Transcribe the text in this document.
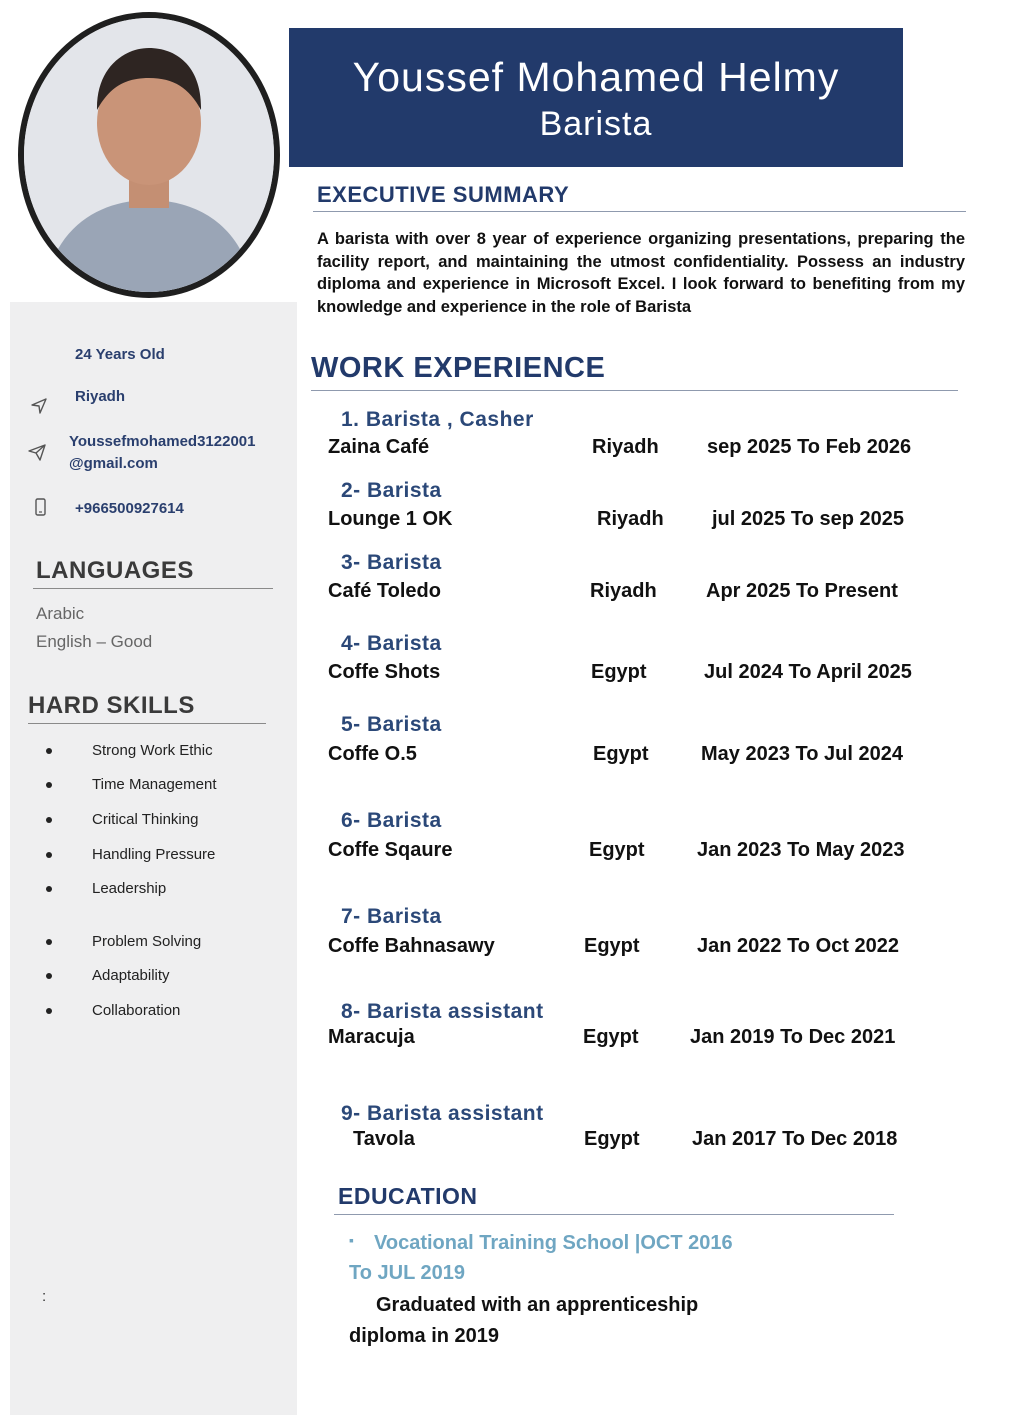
Youssef Mohamed Helmy
Barista
24 Years Old
Riyadh
Youssefmohamed3122001
@gmail.com
+966500927614
LANGUAGES
Arabic
English – Good
HARD SKILLS
Strong Work Ethic
Time Management
Critical Thinking
Handling Pressure
Leadership
Problem Solving
Adaptability
Collaboration
:
EXECUTIVE SUMMARY
A barista with over 8 year of experience organizing presentations, preparing the facility report, and maintaining the utmost confidentiality. Possess an industry diploma and experience in Microsoft Excel. I look forward to benefiting from my knowledge and experience in the role of Barista
WORK EXPERIENCE
1. Barista , Casher
Zaina Café	Riyadh sep 2025 To Feb 2026
2- Barista
Lounge 1 OK	Riyadh jul 2025 To sep 2025
3- Barista
Café Toledo	Riyadh Apr 2025 To Present
4- Barista
Coffe Shots	Egypt	Jul 2024 To April 2025
5- Barista
Coffe O.5	Egypt	May 2023 To Jul 2024
6- Barista
Coffe Sqaure	Egypt	Jan 2023 To May 2023
7- Barista
Coffe Bahnasawy	Egypt	Jan 2022 To Oct 2022
8- Barista assistant
Maracuja	Egypt	Jan 2019 To Dec 2021
9- Barista assistant
Tavola	Egypt	Jan 2017 To Dec 2018
EDUCATION
▪ Vocational Training School |OCT 2016
To JUL 2019
Graduated with an apprenticeship
diploma in 2019
